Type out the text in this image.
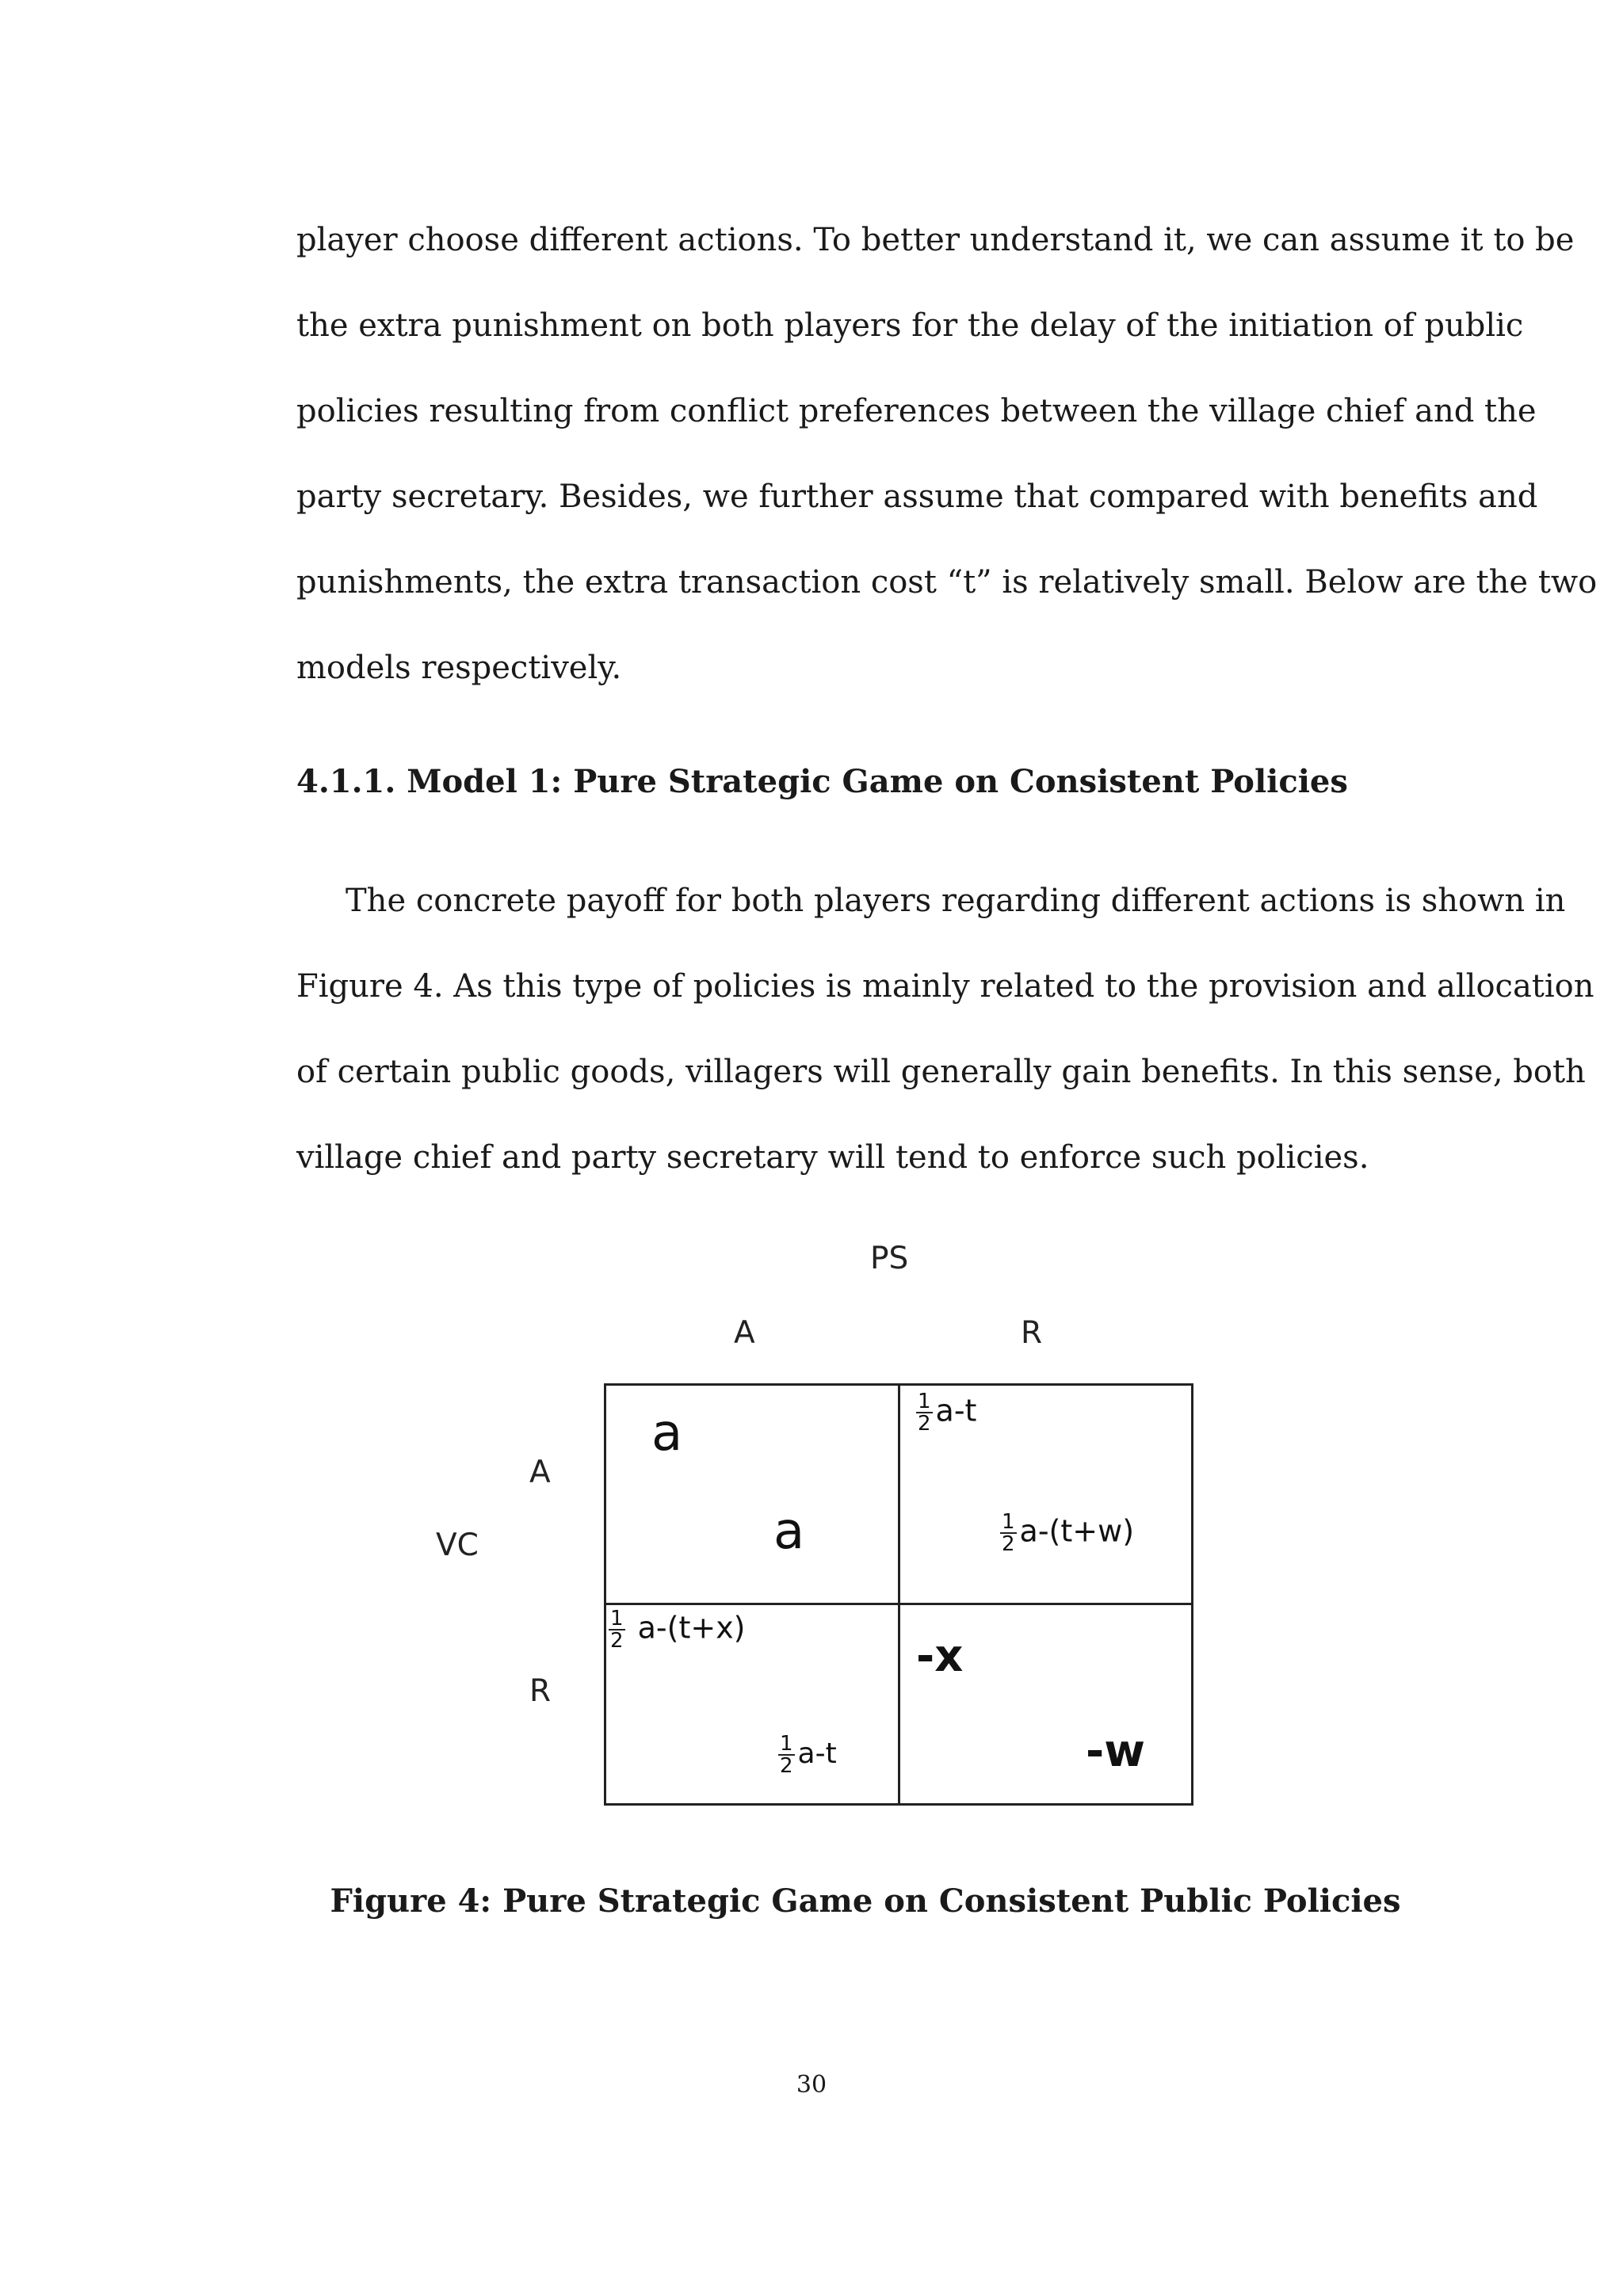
player choose different actions. To better understand it, we can assume it to be
the extra punishment on both players for the delay of the initiation of public
policies resulting from conflict preferences between the village chief and the
party secretary. Besides, we further assume that compared with benefits and
punishments, the extra transaction cost “t” is relatively small. Below are the two
models respectively.
4.1.1. Model 1: Pure Strategic Game on Consistent Policies
The concrete payoff for both players regarding different actions is shown in
Figure 4. As this type of policies is mainly related to the provision and allocation
of certain public goods, villagers will generally gain benefits. In this sense, both
village chief and party secretary will tend to enforce such policies.
PS
A	R
VC
A
R
a
a
$\frac{1}{2} a-t$
$\frac{1}{2} a-(t+w)$
$\frac{1}{2} a-(t+x)$
$\frac{1}{2} a-t$
-x
-w
Figure 4: Pure Strategic Game on Consistent Public Policies
30
